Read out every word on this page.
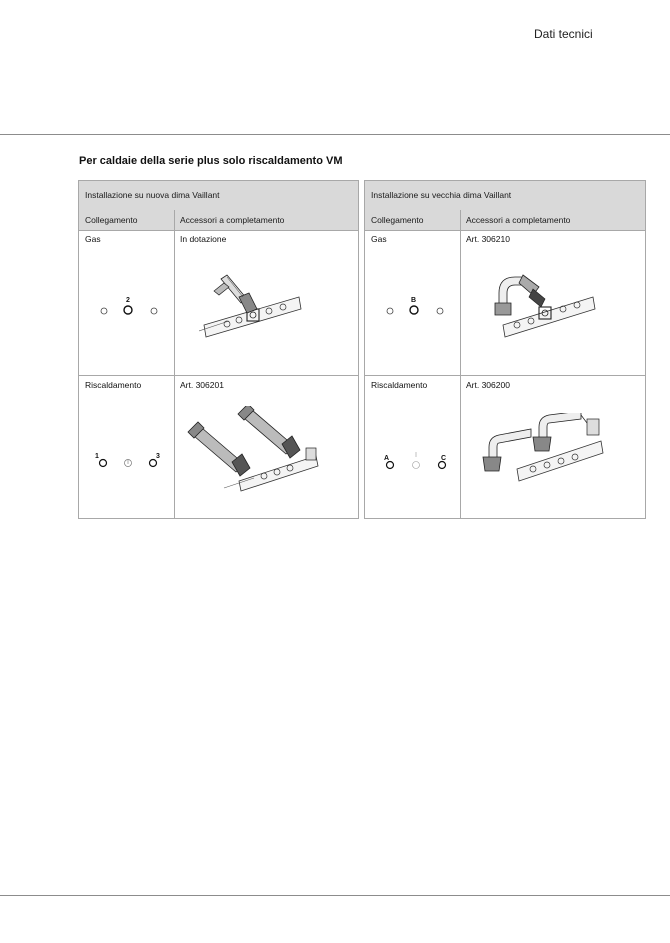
Dati tecnici
Per caldaie della serie plus solo riscaldamento VM
Installazione su nuova dima Vaillant
Collegamento	Accessori a completamento
Gas	In dotazione
2
Riscaldamento	Art. 306201
1	3
Installazione su vecchia dima Vaillant
Collegamento	Accessori a completamento
Gas	Art. 306210
B
Riscaldamento	Art. 306200
A	C
